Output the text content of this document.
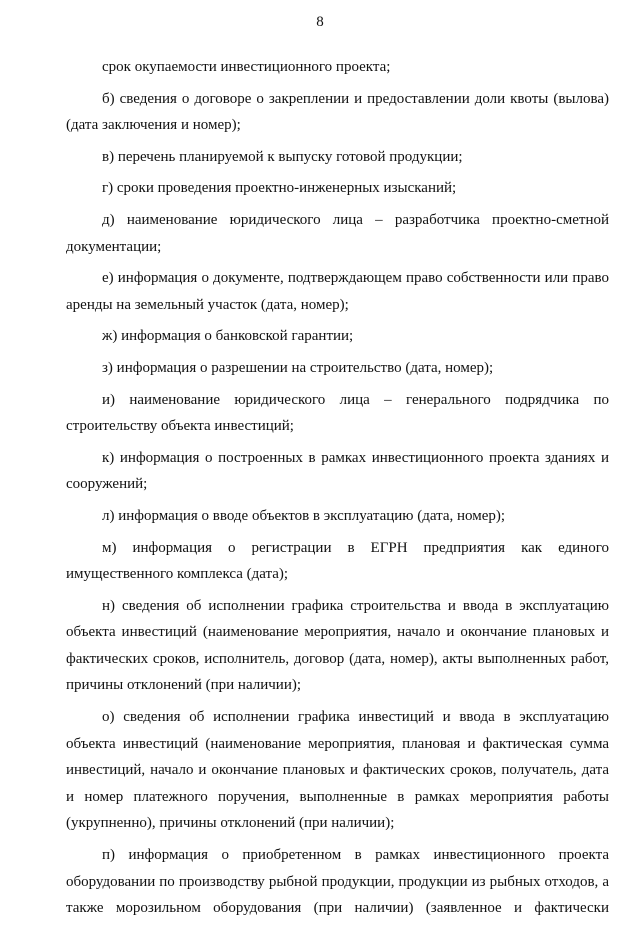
8

срок окупаемости инвестиционного проекта;

б) сведения о договоре о закреплении и предоставлении доли квоты (вылова) (дата заключения и номер);

в) перечень планируемой к выпуску готовой продукции;

г) сроки проведения проектно-инженерных изысканий;

д) наименование юридического лица – разработчика проектно-сметной документации;

е) информация о документе, подтверждающем право собственности или право аренды на земельный участок (дата, номер);

ж) информация о банковской гарантии;

з) информация о разрешении на строительство (дата, номер);

и) наименование юридического лица – генерального подрядчика по строительству объекта инвестиций;

к) информация о построенных в рамках инвестиционного проекта зданиях и сооружений;

л) информация о вводе объектов в эксплуатацию (дата, номер);

м) информация о регистрации в ЕГРН предприятия как единого имущественного комплекса (дата);

н) сведения об исполнении графика строительства и ввода в эксплуатацию объекта инвестиций (наименование мероприятия, начало и окончание плановых и фактических сроков, исполнитель, договор (дата, номер), акты выполненных работ, причины отклонений (при наличии);

о) сведения об исполнении графика инвестиций и ввода в эксплуатацию объекта инвестиций (наименование мероприятия, плановая и фактическая сумма инвестиций, начало и окончание плановых и фактических сроков, получатель, дата и номер платежного поручения, выполненные в рамках мероприятия работы (укрупненно), причины отклонений (при наличии);

п) информация о приобретенном в рамках инвестиционного проекта оборудовании по производству рыбной продукции, продукции из рыбных отходов, а также морозильном оборудования (при наличии) (заявленное и фактически
